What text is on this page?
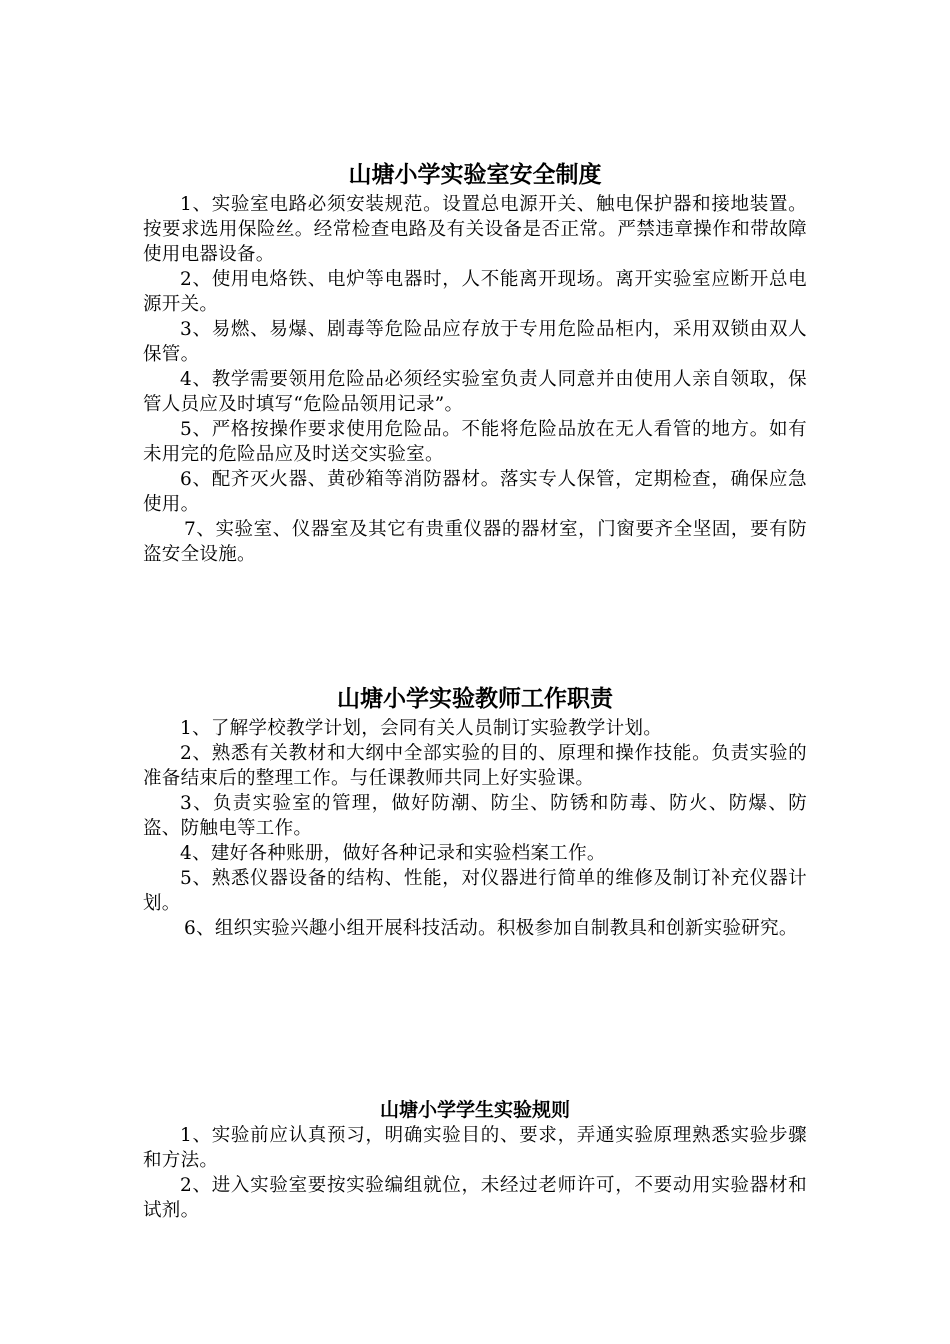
山塘小学实验室安全制度

1、实验室电路必须安装规范。设置总电源开关、触电保护器和接地装置。按要求选用保险丝。经常检查电路及有关设备是否正常。严禁违章操作和带故障使用电器设备。

2、使用电烙铁、电炉等电器时，人不能离开现场。离开实验室应断开总电源开关。

3、易燃、易爆、剧毒等危险品应存放于专用危险品柜内，采用双锁由双人保管。

4、教学需要领用危险品必须经实验室负责人同意并由使用人亲自领取，保管人员应及时填写“危险品领用记录”。

5、严格按操作要求使用危险品。不能将危险品放在无人看管的地方。如有未用完的危险品应及时送交实验室。

6、配齐灭火器、黄砂箱等消防器材。落实专人保管，定期检查，确保应急使用。

7、实验室、仪器室及其它有贵重仪器的器材室，门窗要齐全坚固，要有防盗安全设施。

山塘小学实验教师工作职责

1、了解学校教学计划，会同有关人员制订实验教学计划。

2、熟悉有关教材和大纲中全部实验的目的、原理和操作技能。负责实验的准备结束后的整理工作。与任课教师共同上好实验课。

3、负责实验室的管理，做好防潮、防尘、防锈和防毒、防火、防爆、防盗、防触电等工作。

4、建好各种账册，做好各种记录和实验档案工作。

5、熟悉仪器设备的结构、性能，对仪器进行简单的维修及制订补充仪器计划。

6、组织实验兴趣小组开展科技活动。积极参加自制教具和创新实验研究。

山塘小学学生实验规则

1、实验前应认真预习，明确实验目的、要求，弄通实验原理熟悉实验步骤和方法。

2、进入实验室要按实验编组就位，未经过老师许可，不要动用实验器材和试剂。
